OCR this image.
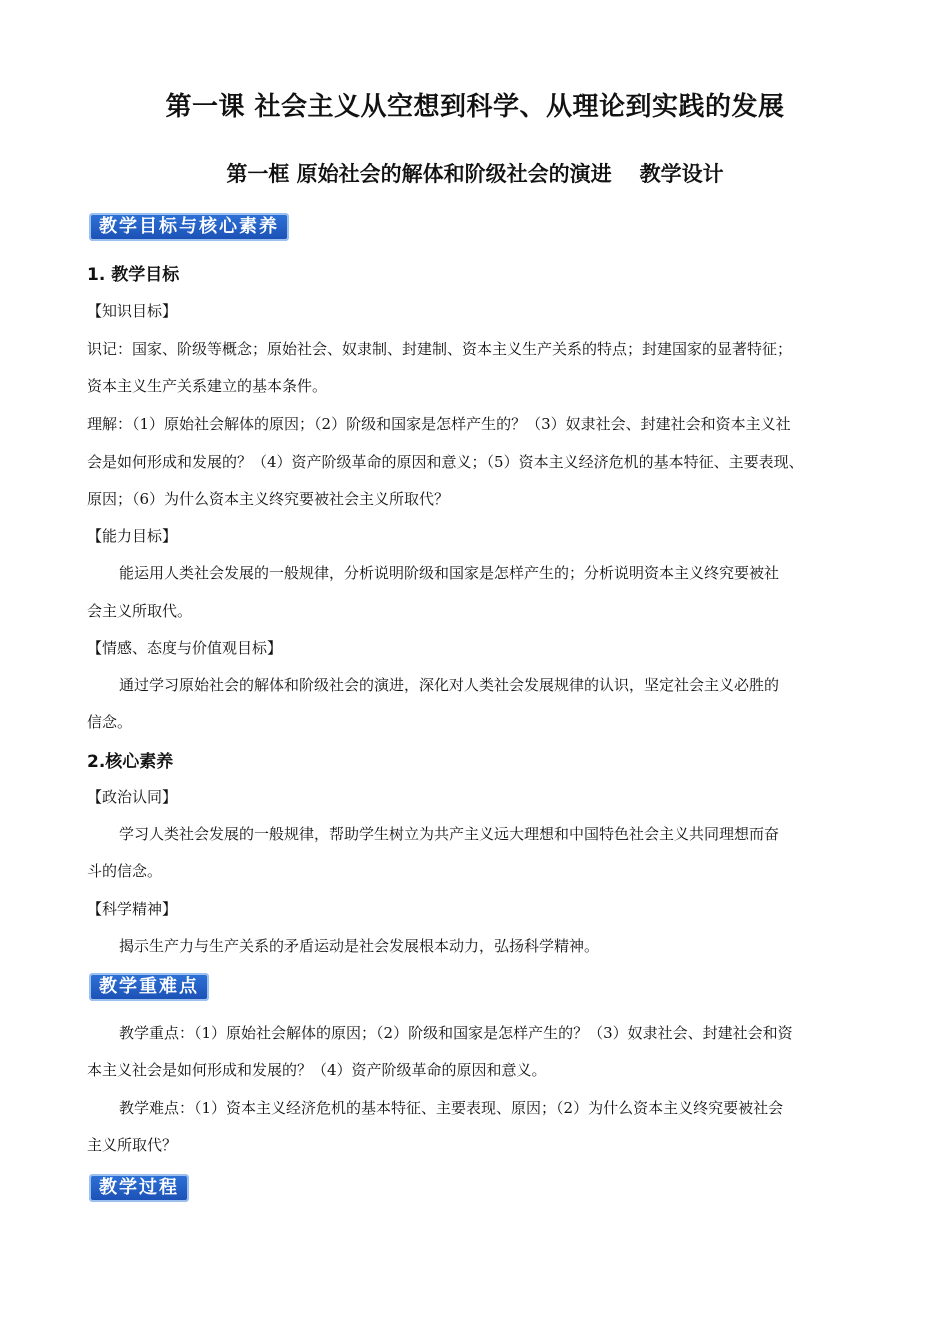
第一课 社会主义从空想到科学、从理论到实践的发展
第一框 原始社会的解体和阶级社会的演进 教学设计
教学目标与核心素养
1. 教学目标
【知识目标】
识记：国家、阶级等概念；原始社会、奴隶制、封建制、资本主义生产关系的特点；封建国家的显著特征；
资本主义生产关系建立的基本条件。
理解：（1）原始社会解体的原因；（2）阶级和国家是怎样产生的？（3）奴隶社会、封建社会和资本主义社
会是如何形成和发展的？（4）资产阶级革命的原因和意义；（5）资本主义经济危机的基本特征、主要表现、
原因；（6）为什么资本主义终究要被社会主义所取代？
【能力目标】
能运用人类社会发展的一般规律，分析说明阶级和国家是怎样产生的；分析说明资本主义终究要被社
会主义所取代。
【情感、态度与价值观目标】
通过学习原始社会的解体和阶级社会的演进，深化对人类社会发展规律的认识，坚定社会主义必胜的
信念。
2.核心素养
【政治认同】
学习人类社会发展的一般规律，帮助学生树立为共产主义远大理想和中国特色社会主义共同理想而奋
斗的信念。
【科学精神】
揭示生产力与生产关系的矛盾运动是社会发展根本动力，弘扬科学精神。
教学重难点
教学重点：（1）原始社会解体的原因；（2）阶级和国家是怎样产生的？（3）奴隶社会、封建社会和资
本主义社会是如何形成和发展的？（4）资产阶级革命的原因和意义。
教学难点：（1）资本主义经济危机的基本特征、主要表现、原因；（2）为什么资本主义终究要被社会
主义所取代？
教学过程
